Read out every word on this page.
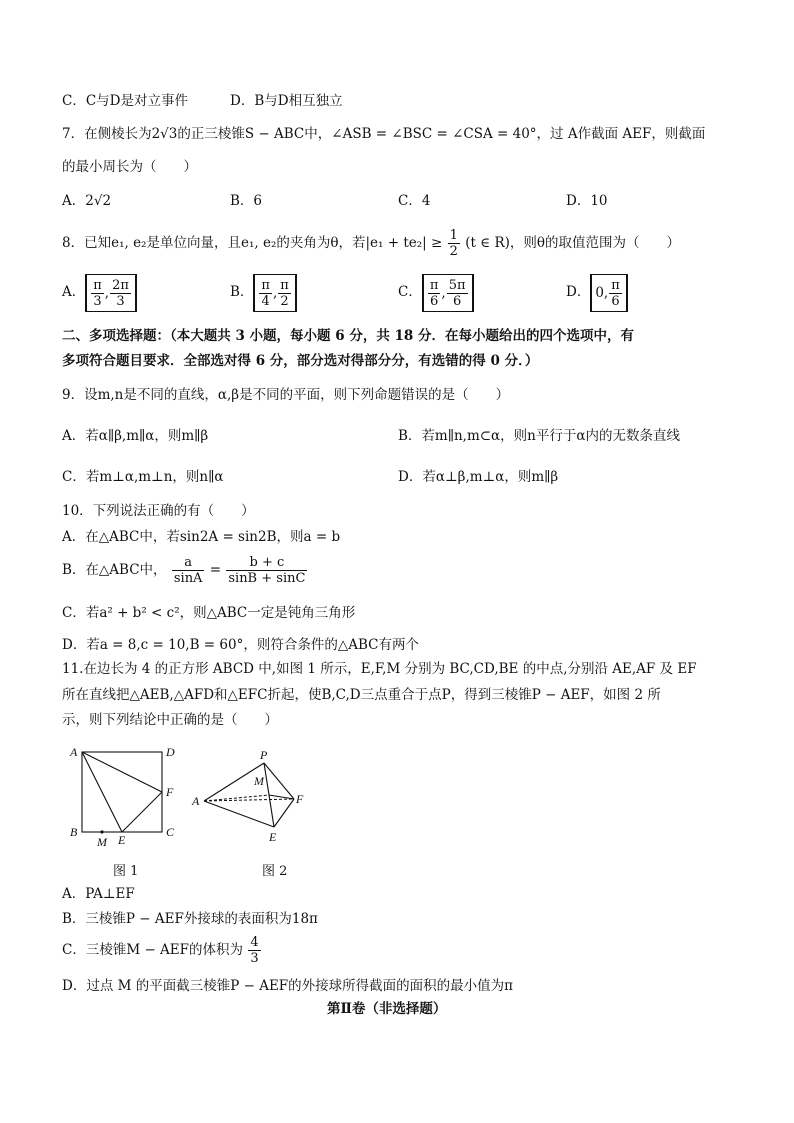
C．C与D是对立事件	D．B与D相互独立
7．在侧棱长为2√3的正三棱锥S − ABC中，∠ASB = ∠BSC = ∠CSA = 40°，过 A作截面 AEF，则截面
的最小周长为（　　）
A．2√2	B．6	C．4	D．10
8．已知e₁, e₂是单位向量，且e₁, e₂的夹角为θ，若$|e_1 + te_2| \ge \frac{1}{2} (t$ ∈ R)，则θ的取值范围为（　　）
A． $\frac{\pi}{3}$ , $\frac{2\pi}{3}$	B． $\frac{\pi}{4}$ , $\frac{\pi}{2}$	C． $\frac{\pi}{6}$ , $\frac{5\pi}{6}$	D． 0, $\frac{\pi}{6}$
二、多项选择题：（本大题共 3 小题，每小题 6 分，共 18 分．在每小题给出的四个选项中，有
多项符合题目要求．全部选对得 6 分，部分选对得部分分，有选错的得 0 分．）
9．设m,n是不同的直线，α,β是不同的平面，则下列命题错误的是（　　）
A．若α∥β,m∥α，则m∥β	B．若m∥n,m⊂α，则n平行于α内的无数条直线
C．若m⊥α,m⊥n，则n∥α	D．若α⊥β,m⊥α，则m∥β
10．下列说法正确的有（　　）
A．在△ABC中，若sin2A = sin2B，则a = b
B．在△ABC中， $\frac{a}{\sin A} = \frac{b + c}{\sin B + \sin C}$
C．若a² + b² < c²，则△ABC一定是钝角三角形
D．若a = 8,c = 10,B = 60°，则符合条件的△ABC有两个
11.在边长为 4 的正方形 ABCD 中,如图 1 所示，E,F,M 分别为 BC,CD,BE 的中点,分别沿 AE,AF 及 EF
所在直线把△AEB,△AFD和△EFC折起，使B,C,D三点重合于点P，得到三棱锥P − AEF，如图 2 所
示，则下列结论中正确的是（　　）
A	D
F
B	C
M E
图 1
P
M
A	F
E
图 2
A．PA⊥EF
B．三棱锥P − AEF外接球的表面积为18π
C．三棱锥M − AEF的体积为 $\frac{4}{3}$
D．过点 M 的平面截三棱锥P − AEF的外接球所得截面的面积的最小值为π
第Ⅱ卷（非选择题）
